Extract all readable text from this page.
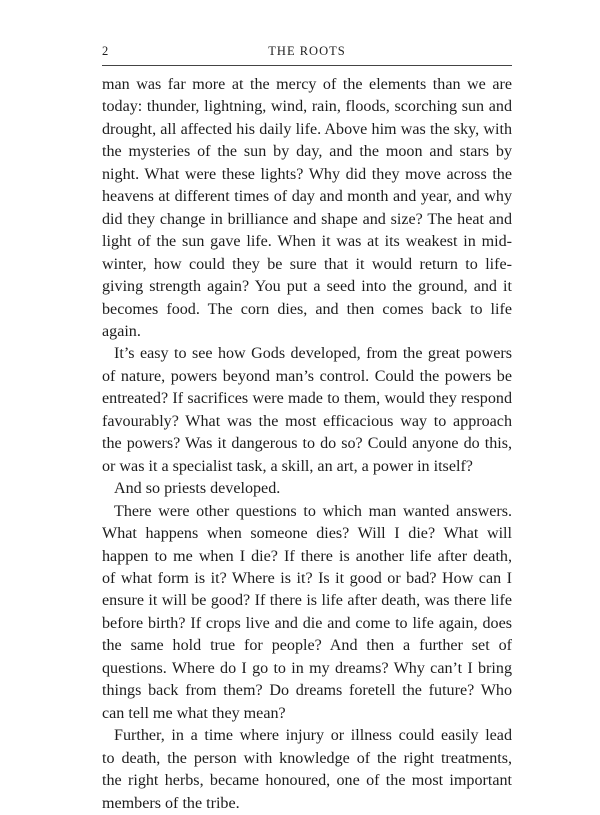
2	THE ROOTS
man was far more at the mercy of the elements than we are
today: thunder, lightning, wind, rain, floods, scorching sun and
drought, all affected his daily life. Above him was the sky, with
the mysteries of the sun by day, and the moon and stars by
night. What were these lights? Why did they move across the
heavens at different times of day and month and year, and why
did they change in brilliance and shape and size? The heat and
light of the sun gave life. When it was at its weakest in mid-
winter, how could they be sure that it would return to life-
giving strength again? You put a seed into the ground, and it
becomes food. The corn dies, and then comes back to life
again.
It’s easy to see how Gods developed, from the great powers
of nature, powers beyond man’s control. Could the powers be
entreated? If sacrifices were made to them, would they respond
favourably? What was the most efficacious way to approach
the powers? Was it dangerous to do so? Could anyone do this,
or was it a specialist task, a skill, an art, a power in itself?
And so priests developed.
There were other questions to which man wanted answers.
What happens when someone dies? Will I die? What will
happen to me when I die? If there is another life after death,
of what form is it? Where is it? Is it good or bad? How can I
ensure it will be good? If there is life after death, was there life
before birth? If crops live and die and come to life again, does
the same hold true for people? And then a further set of
questions. Where do I go to in my dreams? Why can’t I bring
things back from them? Do dreams foretell the future? Who
can tell me what they mean?
Further, in a time where injury or illness could easily lead
to death, the person with knowledge of the right treatments,
the right herbs, became honoured, one of the most important
members of the tribe.
